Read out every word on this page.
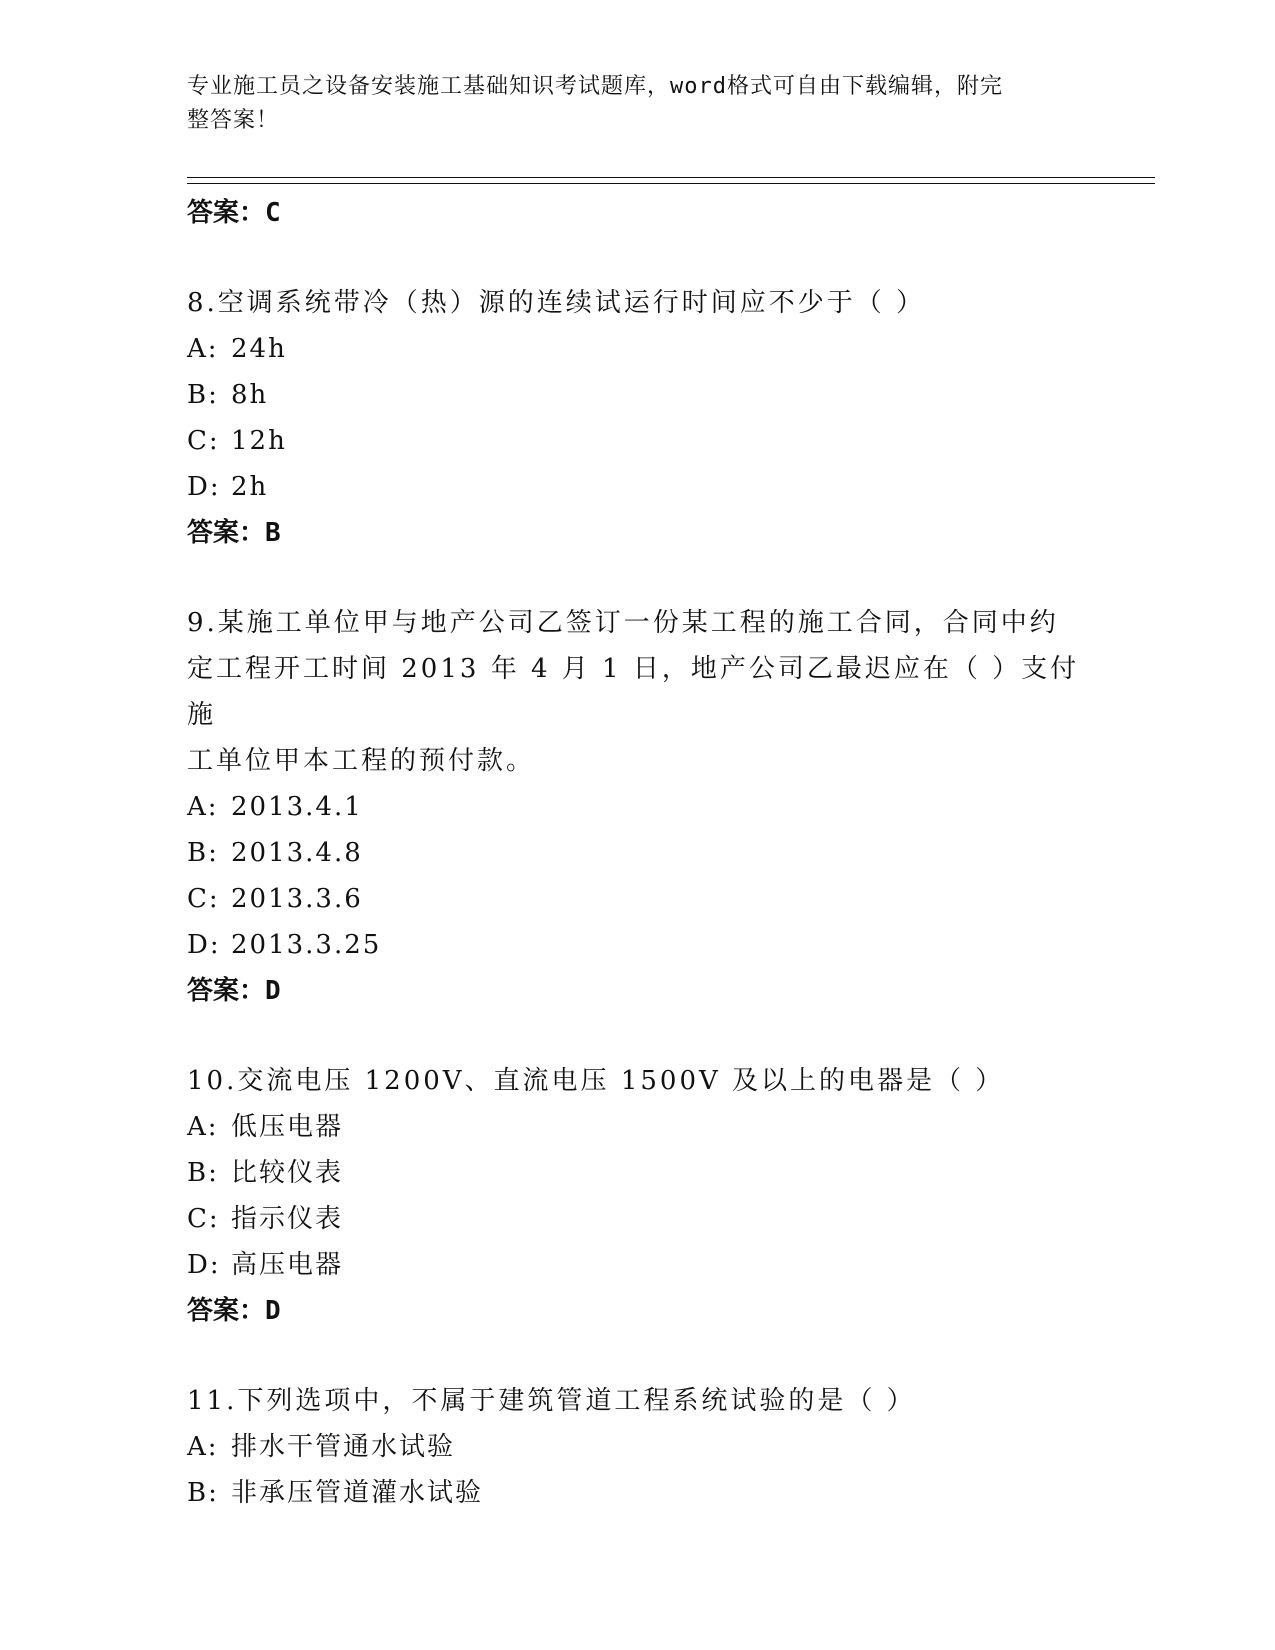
专业施工员之设备安装施工基础知识考试题库，word格式可自由下载编辑，附完
整答案！
答案：C
8.空调系统带冷（热）源的连续试运行时间应不少于（ ）
A: 24h
B: 8h
C: 12h
D: 2h
答案：B
9.某施工单位甲与地产公司乙签订一份某工程的施工合同，合同中约
定工程开工时间 2013 年 4 月 1 日，地产公司乙最迟应在（ ）支付施
工单位甲本工程的预付款。
A: 2013.4.1
B: 2013.4.8
C: 2013.3.6
D: 2013.3.25
答案：D
10.交流电压 1200V、直流电压 1500V 及以上的电器是（ ）
A: 低压电器
B: 比较仪表
C: 指示仪表
D: 高压电器
答案：D
11.下列选项中，不属于建筑管道工程系统试验的是（ ）
A: 排水干管通水试验
B: 非承压管道灌水试验
